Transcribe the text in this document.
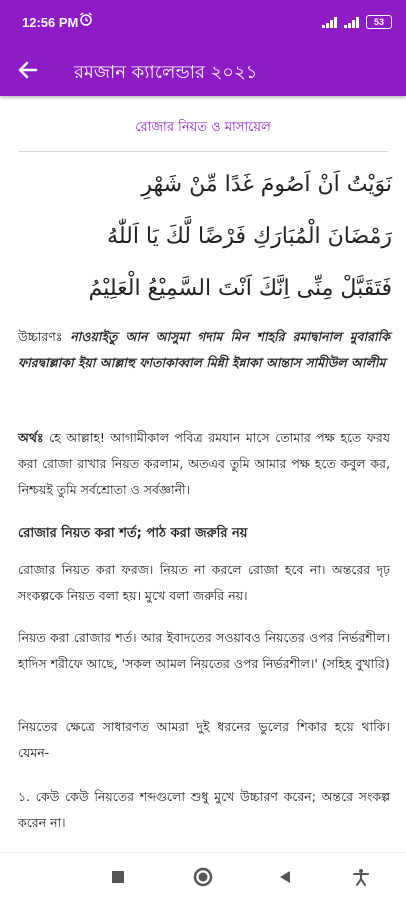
12:56 PM	53
রমজান ক্যালেন্ডার ২০২১
রোজার নিয়ত ও মাসায়েল
نَوَيْتُ اَنْ اَصُومَ غَدًا مِّنْ شَهْرِ
رَمْضَانَ الْمُبَارَكِ فَرْضًا لَّكَ يَا اَللّٰهُ
فَتَقَبَّلْ مِنِّى اِنَّكَ اَنْتَ السَّمِيْعُ الْعَلِيْمُ
উচ্চারণঃ নাওয়াইতু আন আসুমা গদাম মিন শাহরি রমাদ্বানাল মুবারাকি ফারদ্বাল্লাকা ইয়া আল্লাহু ফাতাকাব্বাল মিন্নী ইন্নাকা আন্তাস সামীউল আলীম
অর্থঃ হে আল্লাহ! আগামীকাল পবিত্র রমযান মাসে তোমার পক্ষ হতে ফরয করা রোজা রাখার নিয়ত করলাম, অতএব তুমি আমার পক্ষ হতে কবুল কর, নিশ্চয়ই তুমি সর্বশ্রোতা ও সর্বজ্ঞানী।
রোজার নিয়ত করা শর্ত; পাঠ করা জরুরি নয়
রোজার নিয়ত করা ফরজ। নিয়ত না করলে রোজা হবে না। অন্তরের দৃঢ় সংকল্পকে নিয়ত বলা হয়। মুখে বলা জরুরি নয়।
নিয়ত করা রোজার শর্ত। আর ইবাদতের সওয়াবও নিয়তের ওপর নির্ভরশীল। হাদিস শরীফে আছে, 'সকল আমল নিয়তের ওপর নির্ভরশীল।' (সহিহ বুখারি)
নিয়তের ক্ষেত্রে সাধারণত আমরা দুই ধরনের ভুলের শিকার হয়ে থাকি। যেমন-
১. কেউ কেউ নিয়তের শব্দগুলো শুধু মুখে উচ্চারণ করেন; অন্তরে সংকল্প করেন না।
